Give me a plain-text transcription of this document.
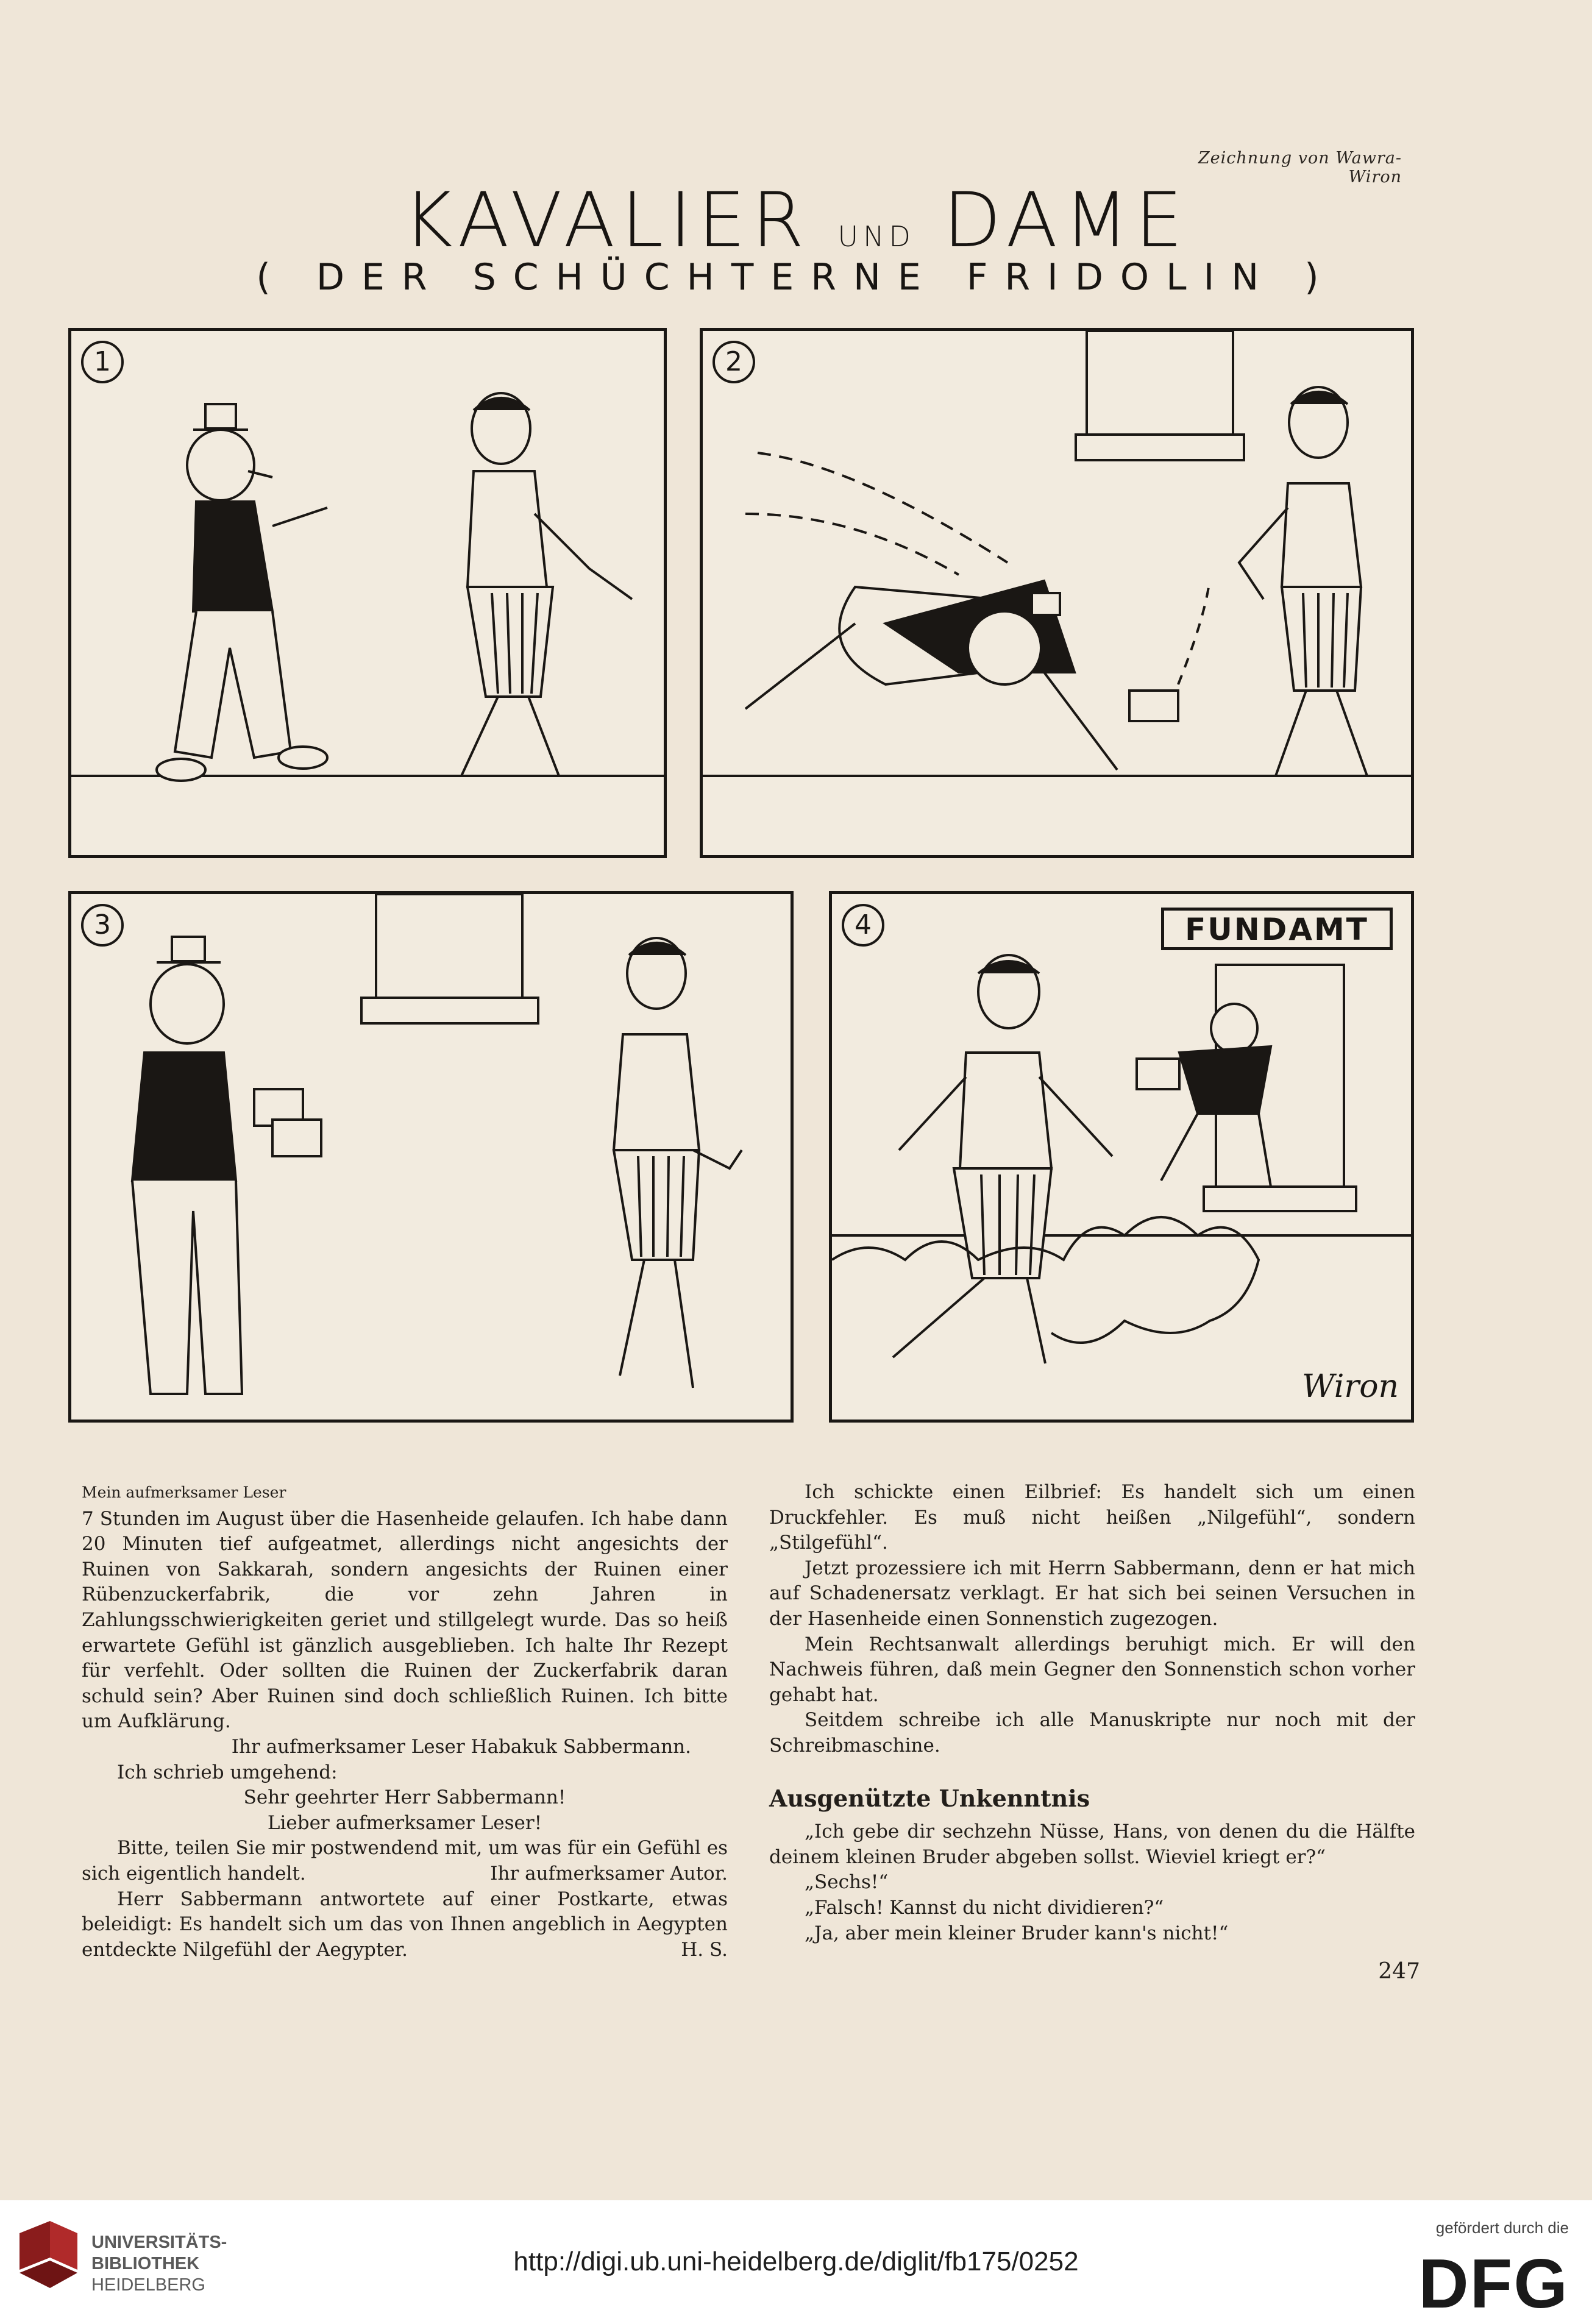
Zeichnung von Wawra-Wiron
KAVALIER UND DAME
( DER SCHÜCHTERNE FRIDOLIN )
1	2
3	4	FUNDAMT
Wiron

Mein aufmerksamer Leser

7 Stunden im August über die Hasenheide gelaufen. Ich habe dann 20 Minuten tief aufgeatmet, allerdings nicht angesichts der Ruinen von Sakkarah, sondern angesichts der Ruinen einer Rübenzuckerfabrik, die vor zehn Jahren in Zahlungsschwierigkeiten geriet und stillgelegt wurde. Das so heiß erwartete Gefühl ist gänzlich ausgeblieben. Ich halte Ihr Rezept für verfehlt. Oder sollten die Ruinen der Zuckerfabrik daran schuld sein? Aber Ruinen sind doch schließlich Ruinen. Ich bitte um Aufklärung.

Ihr aufmerksamer Leser Habakuk Sabbermann.

Ich schrieb umgehend:

Sehr geehrter Herr Sabbermann!

Lieber aufmerksamer Leser!

Bitte, teilen Sie mir postwendend mit, um was für ein Gefühl es sich eigentlich handelt.	Ihr aufmerksamer Autor.

Herr Sabbermann antwortete auf einer Postkarte, etwas beleidigt: Es handelt sich um das von Ihnen angeblich in Aegypten entdeckte Nilgefühl der Aegypter.	H. S.

Ich schickte einen Eilbrief: Es handelt sich um einen Druckfehler. Es muß nicht heißen „Nilgefühl“, sondern „Stilgefühl“.

Jetzt prozessiere ich mit Herrn Sabbermann, denn er hat mich auf Schadenersatz verklagt. Er hat sich bei seinen Versuchen in der Hasenheide einen Sonnenstich zugezogen.

Mein Rechtsanwalt allerdings beruhigt mich. Er will den Nachweis führen, daß mein Gegner den Sonnenstich schon vorher gehabt hat.

Seitdem schreibe ich alle Manuskripte nur noch mit der Schreibmaschine.

Ausgenützte Unkenntnis

„Ich gebe dir sechzehn Nüsse, Hans, von denen du die Hälfte deinem kleinen Bruder abgeben sollst. Wieviel kriegt er?“

„Sechs!“

„Falsch! Kannst du nicht dividieren?“

„Ja, aber mein kleiner Bruder kann's nicht!“

247
UNIVERSITÄTS-
BIBLIOTHEK
HEIDELBERG
http://digi.ub.uni-heidelberg.de/diglit/fb175/0252
gefördert durch die
DFG
